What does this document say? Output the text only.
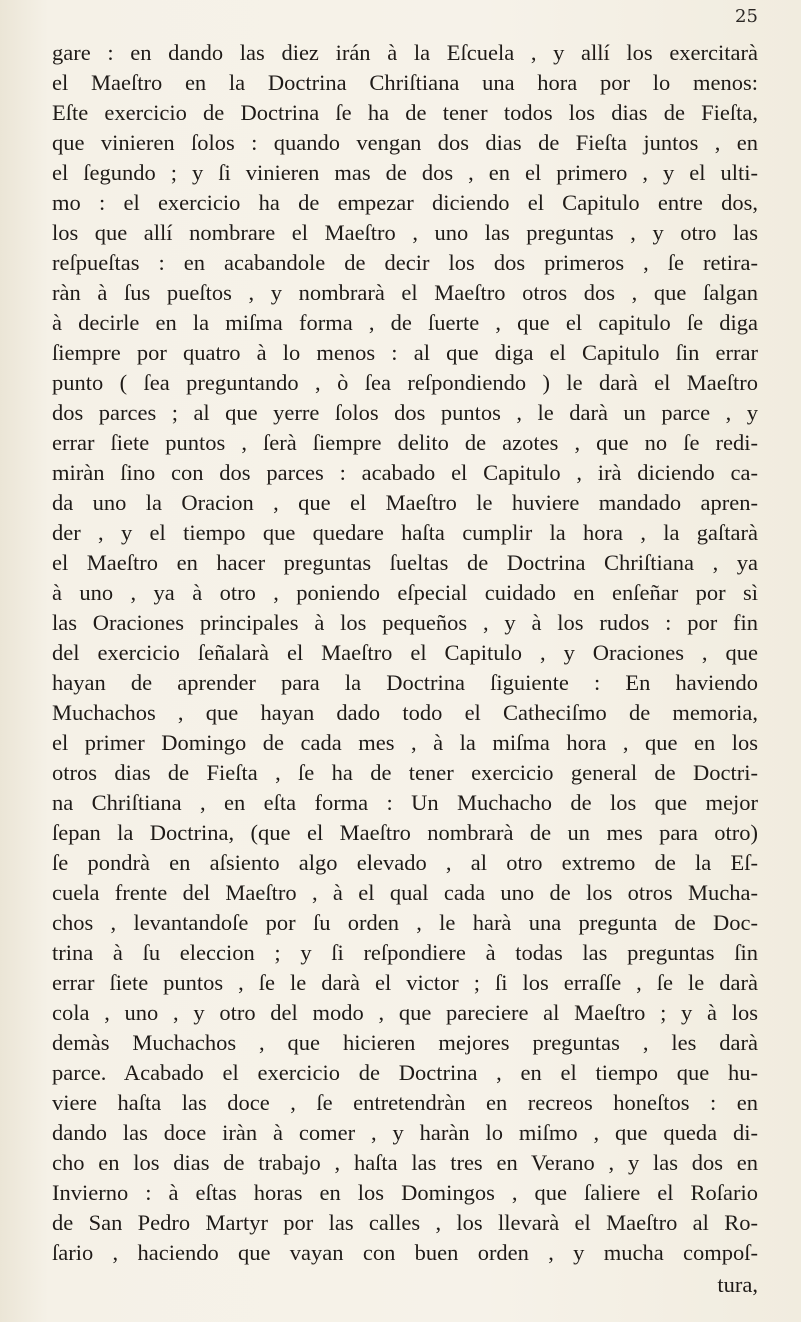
25
gare : en dando las diez irán à la Eſcuela , y allí los exercitarà
el Maeſtro en la Doctrina Chriſtiana una hora por lo menos:
Eſte exercicio de Doctrina ſe ha de tener todos los dias de Fieſta,
que vinieren ſolos : quando vengan dos dias de Fieſta juntos , en
el ſegundo ; y ſi vinieren mas de dos , en el primero , y el ulti-
mo : el exercicio ha de empezar diciendo el Capitulo entre dos,
los que allí nombrare el Maeſtro , uno las preguntas , y otro las
reſpueſtas : en acabandole de decir los dos primeros , ſe retira-
ràn à ſus pueſtos , y nombrarà el Maeſtro otros dos , que ſalgan
à decirle en la miſma forma , de ſuerte , que el capitulo ſe diga
ſiempre por quatro à lo menos : al que diga el Capitulo ſin errar
punto ( ſea preguntando , ò ſea reſpondiendo ) le darà el Maeſtro
dos parces ; al que yerre ſolos dos puntos , le darà un parce , y
errar ſiete puntos , ſerà ſiempre delito de azotes , que no ſe redi-
miràn ſino con dos parces : acabado el Capitulo , irà diciendo ca-
da uno la Oracion , que el Maeſtro le huviere mandado apren-
der , y el tiempo que quedare haſta cumplir la hora , la gaſtarà
el Maeſtro en hacer preguntas ſueltas de Doctrina Chriſtiana , ya
à uno , ya à otro , poniendo eſpecial cuidado en enſeñar por sì
las Oraciones principales à los pequeños , y à los rudos : por fin
del exercicio ſeñalarà el Maeſtro el Capitulo , y Oraciones , que
hayan de aprender para la Doctrina ſiguiente : En haviendo
Muchachos , que hayan dado todo el Catheciſmo de memoria,
el primer Domingo de cada mes , à la miſma hora , que en los
otros dias de Fieſta , ſe ha de tener exercicio general de Doctri-
na Chriſtiana , en eſta forma : Un Muchacho de los que mejor
ſepan la Doctrina, (que el Maeſtro nombrarà de un mes para otro)
ſe pondrà en aſsiento algo elevado , al otro extremo de la Eſ-
cuela frente del Maeſtro , à el qual cada uno de los otros Mucha-
chos , levantandoſe por ſu orden , le harà una pregunta de Doc-
trina à ſu eleccion ; y ſi reſpondiere à todas las preguntas ſin
errar ſiete puntos , ſe le darà el victor ; ſi los erraſſe , ſe le darà
cola , uno , y otro del modo , que pareciere al Maeſtro ; y à los
demàs Muchachos , que hicieren mejores preguntas , les darà
parce. Acabado el exercicio de Doctrina , en el tiempo que hu-
viere haſta las doce , ſe entretendràn en recreos honeſtos : en
dando las doce iràn à comer , y haràn lo miſmo , que queda di-
cho en los dias de trabajo , haſta las tres en Verano , y las dos en
Invierno : à eſtas horas en los Domingos , que ſaliere el Roſario
de San Pedro Martyr por las calles , los llevarà el Maeſtro al Ro-
ſario , haciendo que vayan con buen orden , y mucha compoſ-
tura,
